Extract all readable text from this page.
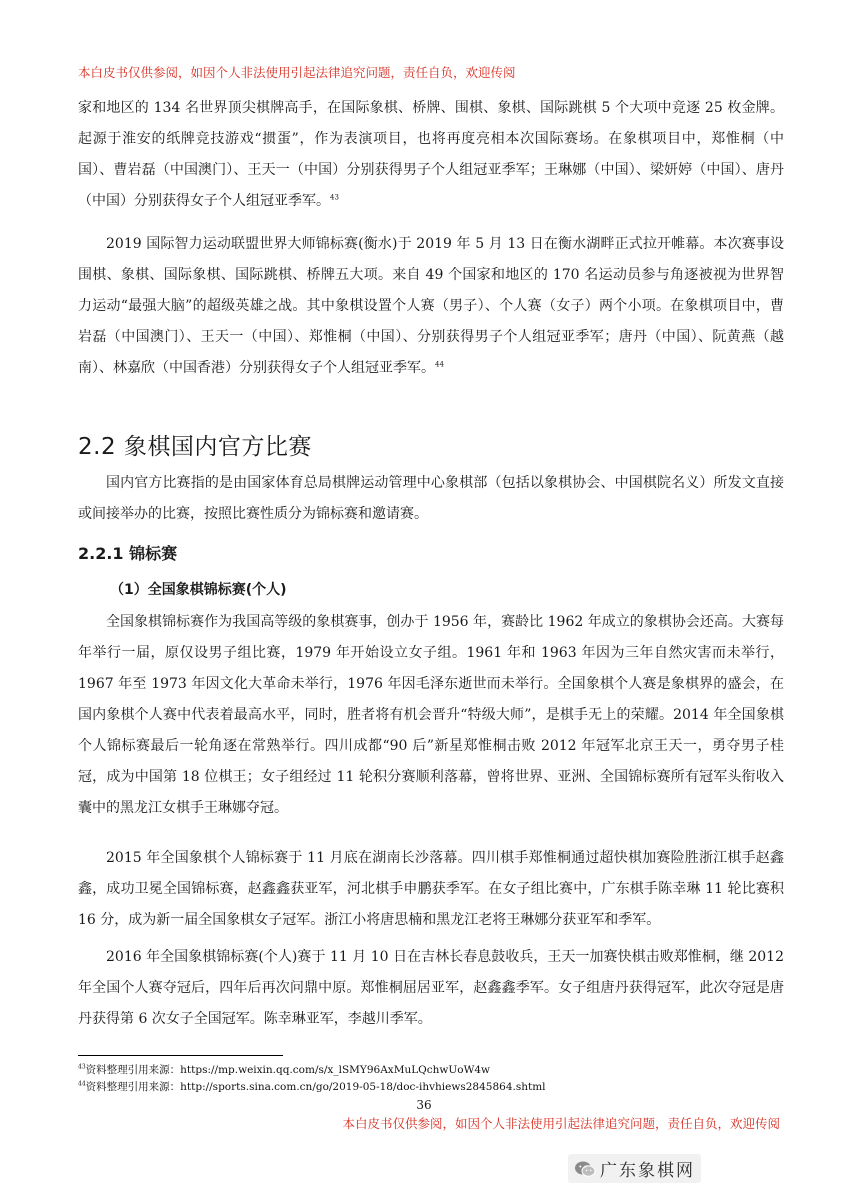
本白皮书仅供参阅，如因个人非法使用引起法律追究问题，责任自负，欢迎传阅

家和地区的 134 名世界顶尖棋牌高手，在国际象棋、桥牌、围棋、象棋、国际跳棋 5 个大项中竞逐 25 枚金牌。起源于淮安的纸牌竞技游戏“掼蛋”，作为表演项目，也将再度亮相本次国际赛场。在象棋项目中，郑惟桐（中国）、曹岩磊（中国澳门）、王天一（中国）分别获得男子个人组冠亚季军；王琳娜（中国）、梁妍婷（中国）、唐丹（中国）分别获得女子个人组冠亚季军。$^{43}$

2019 国际智力运动联盟世界大师锦标赛(衡水)于 2019 年 5 月 13 日在衡水湖畔正式拉开帷幕。本次赛事设围棋、象棋、国际象棋、国际跳棋、桥牌五大项。来自 49 个国家和地区的 170 名运动员参与角逐被视为世界智力运动“最强大脑”的超级英雄之战。其中象棋设置个人赛（男子）、个人赛（女子）两个小项。在象棋项目中，曹岩磊（中国澳门）、王天一（中国）、郑惟桐（中国）、分别获得男子个人组冠亚季军；唐丹（中国）、阮黄燕（越南）、林嘉欣（中国香港）分别获得女子个人组冠亚季军。$^{44}$

2.2 象棋国内官方比赛

国内官方比赛指的是由国家体育总局棋牌运动管理中心象棋部（包括以象棋协会、中国棋院名义）所发文直接或间接举办的比赛，按照比赛性质分为锦标赛和邀请赛。

2.2.1 锦标赛
（1）全国象棋锦标赛(个人)

全国象棋锦标赛作为我国高等级的象棋赛事，创办于 1956 年，赛龄比 1962 年成立的象棋协会还高。大赛每年举行一届，原仅设男子组比赛，1979 年开始设立女子组。1961 年和 1963 年因为三年自然灾害而未举行，1967 年至 1973 年因文化大革命未举行，1976 年因毛泽东逝世而未举行。全国象棋个人赛是象棋界的盛会，在国内象棋个人赛中代表着最高水平，同时，胜者将有机会晋升“特级大师”，是棋手无上的荣耀。2014 年全国象棋个人锦标赛最后一轮角逐在常熟举行。四川成都“90 后”新星郑惟桐击败 2012 年冠军北京王天一，勇夺男子桂冠，成为中国第 18 位棋王；女子组经过 11 轮积分赛顺利落幕，曾将世界、亚洲、全国锦标赛所有冠军头衔收入囊中的黑龙江女棋手王琳娜夺冠。

2015 年全国象棋个人锦标赛于 11 月底在湖南长沙落幕。四川棋手郑惟桐通过超快棋加赛险胜浙江棋手赵鑫鑫，成功卫冕全国锦标赛，赵鑫鑫获亚军，河北棋手申鹏获季军。在女子组比赛中，广东棋手陈幸琳 11 轮比赛积 16 分，成为新一届全国象棋女子冠军。浙江小将唐思楠和黑龙江老将王琳娜分获亚军和季军。

2016 年全国象棋锦标赛(个人)赛于 11 月 10 日在吉林长春息鼓收兵，王天一加赛快棋击败郑惟桐，继 2012 年全国个人赛夺冠后，四年后再次问鼎中原。郑惟桐屈居亚军，赵鑫鑫季军。女子组唐丹获得冠军，此次夺冠是唐丹获得第 6 次女子全国冠军。陈幸琳亚军，李越川季军。

$^{43}$资料整理引用来源：https://mp.weixin.qq.com/s/x_lSMY96AxMuLQchwUoW4w
$^{44}$资料整理引用来源：http://sports.sina.com.cn/go/2019-05-18/doc-ihvhiews2845864.shtml
36
本白皮书仅供参阅，如因个人非法使用引起法律追究问题，责任自负，欢迎传阅
广东象棋网
